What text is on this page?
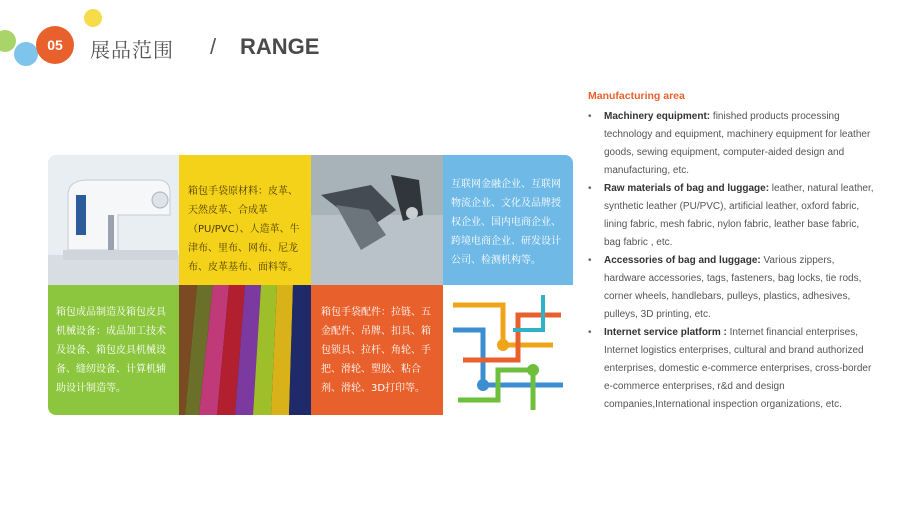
05	展品范围 / RANGE
箱包手袋原材料：皮革、天然皮革、合成革（PU/PVC）、人造革、牛津布、里布、网布、尼龙布、皮革基布、面料等。
互联网金融企业、互联网物流企业、文化及品牌授权企业、国内电商企业、跨境电商企业、研发设计公司、检测机构等。
箱包成品制造及箱包皮具机械设备：成品加工技术及设备、箱包皮具机械设备、缝纫设备、计算机辅助设计制造等。
箱包手袋配件：拉链、五金配件、吊牌、扣具、箱包锁具、拉杆、角轮、手把、滑轮、塑胶、粘合剂、滑轮、3D打印等。
Manufacturing area
• Machinery equipment: finished products processing technology and equipment, machinery equipment for leather goods, sewing equipment, computer-aided design and manufacturing, etc.
• Raw materials of bag and luggage: leather, natural leather, synthetic leather (PU/PVC), artificial leather, oxford fabric, lining fabric, mesh fabric, nylon fabric, leather base fabric, bag fabric , etc.
• Accessories of bag and luggage: Various zippers, hardware accessories, tags, fasteners, bag locks, tie rods, corner wheels, handlebars, pulleys, plastics, adhesives, pulleys, 3D printing, etc.
• Internet service platform : Internet financial enterprises, Internet logistics enterprises, cultural and brand authorized enterprises, domestic e-commerce enterprises, cross-border e-commerce enterprises, r&d and design companies,International inspection organizations, etc.
